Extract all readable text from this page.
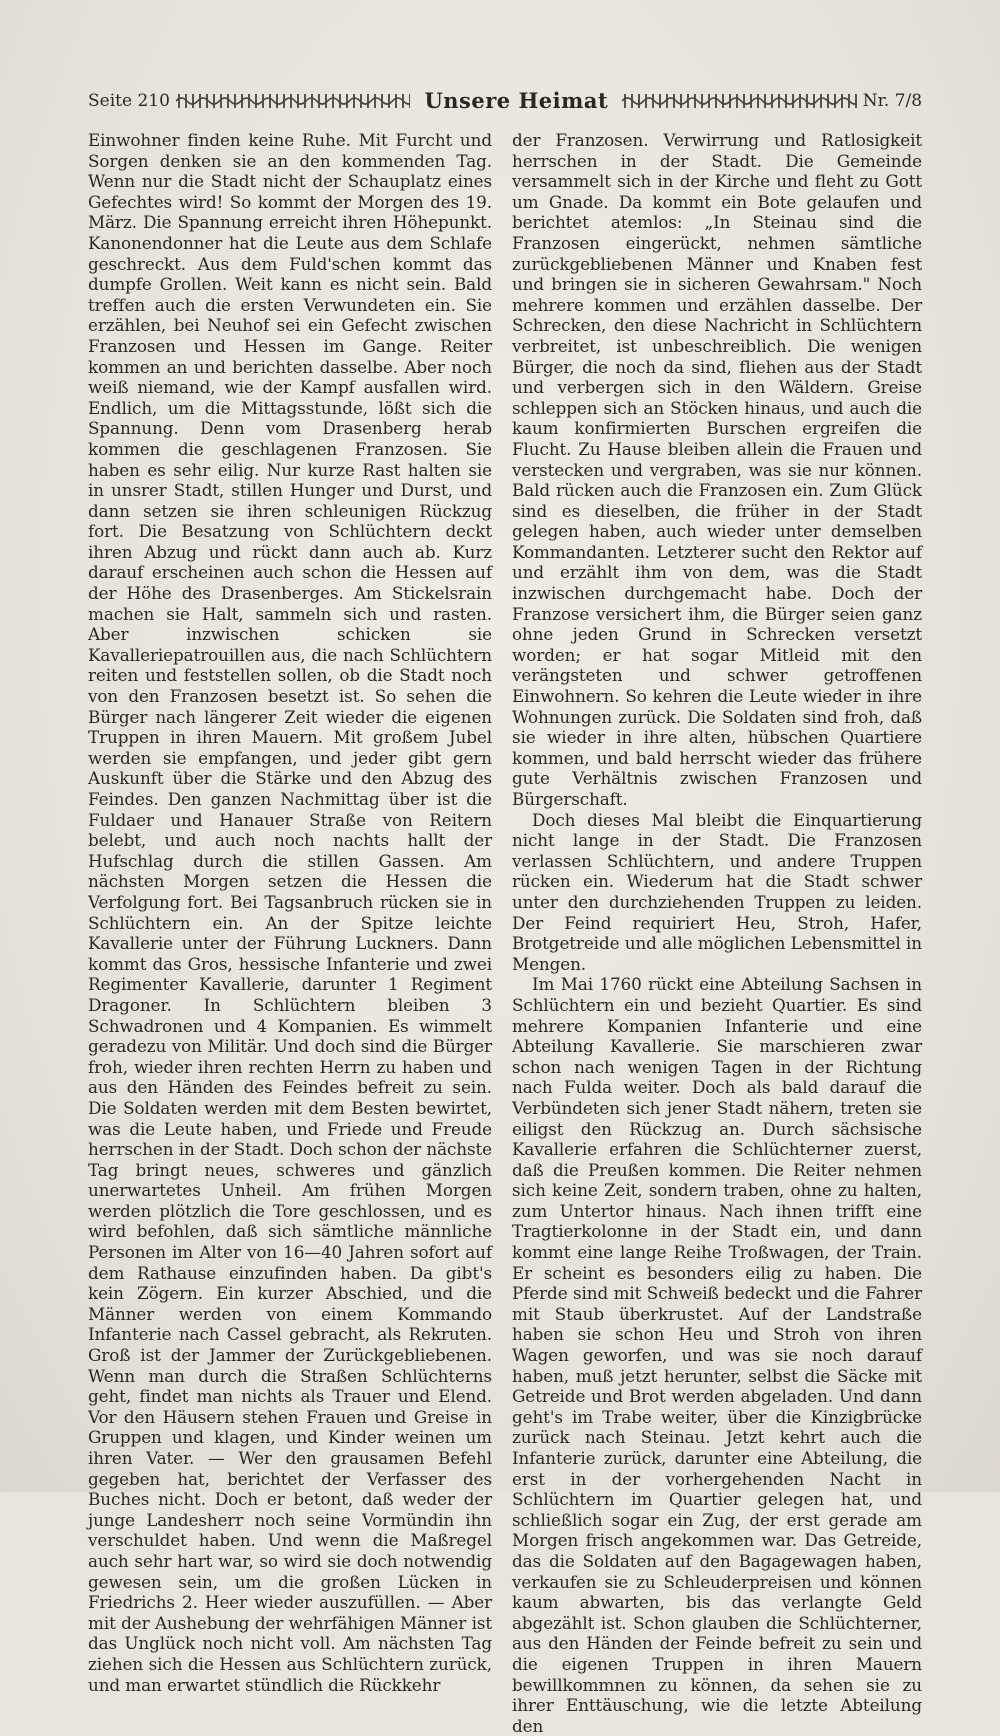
Seite 210	Unsere Heimat	Nr. 7/8

Einwohner finden keine Ruhe. Mit Furcht und Sorgen denken sie an den kommenden Tag. Wenn nur die Stadt nicht der Schauplatz eines Gefechtes wird! So kommt der Morgen des 19. März. Die Spannung erreicht ihren Höhepunkt. Kanonendonner hat die Leute aus dem Schlafe geschreckt. Aus dem Fuld'schen kommt das dumpfe Grollen. Weit kann es nicht sein. Bald treffen auch die ersten Verwundeten ein. Sie erzählen, bei Neuhof sei ein Gefecht zwischen Franzosen und Hessen im Gange. Reiter kommen an und berichten dasselbe. Aber noch weiß niemand, wie der Kampf ausfallen wird. Endlich, um die Mittagsstunde, lößt sich die Spannung. Denn vom Drasenberg herab kommen die geschlagenen Franzosen. Sie haben es sehr eilig. Nur kurze Rast halten sie in unsrer Stadt, stillen Hunger und Durst, und dann setzen sie ihren schleunigen Rückzug fort. Die Besatzung von Schlüchtern deckt ihren Abzug und rückt dann auch ab. Kurz darauf erscheinen auch schon die Hessen auf der Höhe des Drasenberges. Am Stickelsrain machen sie Halt, sammeln sich und rasten. Aber inzwischen schicken sie Kavalleriepatrouillen aus, die nach Schlüchtern reiten und feststellen sollen, ob die Stadt noch von den Franzosen besetzt ist. So sehen die Bürger nach längerer Zeit wieder die eigenen Truppen in ihren Mauern. Mit großem Jubel werden sie empfangen, und jeder gibt gern Auskunft über die Stärke und den Abzug des Feindes. Den ganzen Nachmittag über ist die Fuldaer und Hanauer Straße von Reitern belebt, und auch noch nachts hallt der Hufschlag durch die stillen Gassen. Am nächsten Morgen setzen die Hessen die Verfolgung fort. Bei Tagsanbruch rücken sie in Schlüchtern ein. An der Spitze leichte Kavallerie unter der Führung Luckners. Dann kommt das Gros, hessische Infanterie und zwei Regimenter Kavallerie, darunter 1 Regiment Dragoner. In Schlüchtern bleiben 3 Schwadronen und 4 Kompanien. Es wimmelt geradezu von Militär. Und doch sind die Bürger froh, wieder ihren rechten Herrn zu haben und aus den Händen des Feindes befreit zu sein. Die Soldaten werden mit dem Besten bewirtet, was die Leute haben, und Friede und Freude herrschen in der Stadt. Doch schon der nächste Tag bringt neues, schweres und gänzlich unerwartetes Unheil. Am frühen Morgen werden plötzlich die Tore geschlossen, und es wird befohlen, daß sich sämtliche männliche Personen im Alter von 16—40 Jahren sofort auf dem Rathause einzufinden haben. Da gibt's kein Zögern. Ein kurzer Abschied, und die Männer werden von einem Kommando Infanterie nach Cassel gebracht, als Rekruten. Groß ist der Jammer der Zurückgebliebenen. Wenn man durch die Straßen Schlüchterns geht, findet man nichts als Trauer und Elend. Vor den Häusern stehen Frauen und Greise in Gruppen und klagen, und Kinder weinen um ihren Vater. — Wer den grausamen Befehl gegeben hat, berichtet der Verfasser des Buches nicht. Doch er betont, daß weder der junge Landesherr noch seine Vormündin ihn verschuldet haben. Und wenn die Maßregel auch sehr hart war, so wird sie doch notwendig gewesen sein, um die großen Lücken in Friedrichs 2. Heer wieder auszufüllen. — Aber mit der Aushebung der wehrfähigen Männer ist das Unglück noch nicht voll. Am nächsten Tag ziehen sich die Hessen aus Schlüchtern zurück, und man erwartet stündlich die Rückkehr

der Franzosen. Verwirrung und Ratlosigkeit herrschen in der Stadt. Die Gemeinde versammelt sich in der Kirche und fleht zu Gott um Gnade. Da kommt ein Bote gelaufen und berichtet atemlos: „In Steinau sind die Franzosen eingerückt, nehmen sämtliche zurückgebliebenen Männer und Knaben fest und bringen sie in sicheren Gewahrsam." Noch mehrere kommen und erzählen dasselbe. Der Schrecken, den diese Nachricht in Schlüchtern verbreitet, ist unbeschreiblich. Die wenigen Bürger, die noch da sind, fliehen aus der Stadt und verbergen sich in den Wäldern. Greise schleppen sich an Stöcken hinaus, und auch die kaum konfirmierten Burschen ergreifen die Flucht. Zu Hause bleiben allein die Frauen und verstecken und vergraben, was sie nur können. Bald rücken auch die Franzosen ein. Zum Glück sind es dieselben, die früher in der Stadt gelegen haben, auch wieder unter demselben Kommandanten. Letzterer sucht den Rektor auf und erzählt ihm von dem, was die Stadt inzwischen durchgemacht habe. Doch der Franzose versichert ihm, die Bürger seien ganz ohne jeden Grund in Schrecken versetzt worden; er hat sogar Mitleid mit den verängsteten und schwer getroffenen Einwohnern. So kehren die Leute wieder in ihre Wohnungen zurück. Die Soldaten sind froh, daß sie wieder in ihre alten, hübschen Quartiere kommen, und bald herrscht wieder das frühere gute Verhältnis zwischen Franzosen und Bürgerschaft.

Doch dieses Mal bleibt die Einquartierung nicht lange in der Stadt. Die Franzosen verlassen Schlüchtern, und andere Truppen rücken ein. Wiederum hat die Stadt schwer unter den durchziehenden Truppen zu leiden. Der Feind requiriert Heu, Stroh, Hafer, Brotgetreide und alle möglichen Lebensmittel in Mengen.

Im Mai 1760 rückt eine Abteilung Sachsen in Schlüchtern ein und bezieht Quartier. Es sind mehrere Kompanien Infanterie und eine Abteilung Kavallerie. Sie marschieren zwar schon nach wenigen Tagen in der Richtung nach Fulda weiter. Doch als bald darauf die Verbündeten sich jener Stadt nähern, treten sie eiligst den Rückzug an. Durch sächsische Kavallerie erfahren die Schlüchterner zuerst, daß die Preußen kommen. Die Reiter nehmen sich keine Zeit, sondern traben, ohne zu halten, zum Untertor hinaus. Nach ihnen trifft eine Tragtierkolonne in der Stadt ein, und dann kommt eine lange Reihe Troßwagen, der Train. Er scheint es besonders eilig zu haben. Die Pferde sind mit Schweiß bedeckt und die Fahrer mit Staub überkrustet. Auf der Landstraße haben sie schon Heu und Stroh von ihren Wagen geworfen, und was sie noch darauf haben, muß jetzt herunter, selbst die Säcke mit Getreide und Brot werden abgeladen. Und dann geht's im Trabe weiter, über die Kinzigbrücke zurück nach Steinau. Jetzt kehrt auch die Infanterie zurück, darunter eine Abteilung, die erst in der vorhergehenden Nacht in Schlüchtern im Quartier gelegen hat, und schließlich sogar ein Zug, der erst gerade am Morgen frisch angekommen war. Das Getreide, das die Soldaten auf den Bagagewagen haben, verkaufen sie zu Schleuderpreisen und können kaum abwarten, bis das verlangte Geld abgezählt ist. Schon glauben die Schlüchterner, aus den Händen der Feinde befreit zu sein und die eigenen Truppen in ihren Mauern bewillkommnen zu können, da sehen sie zu ihrer Enttäuschung, wie die letzte Abteilung den
